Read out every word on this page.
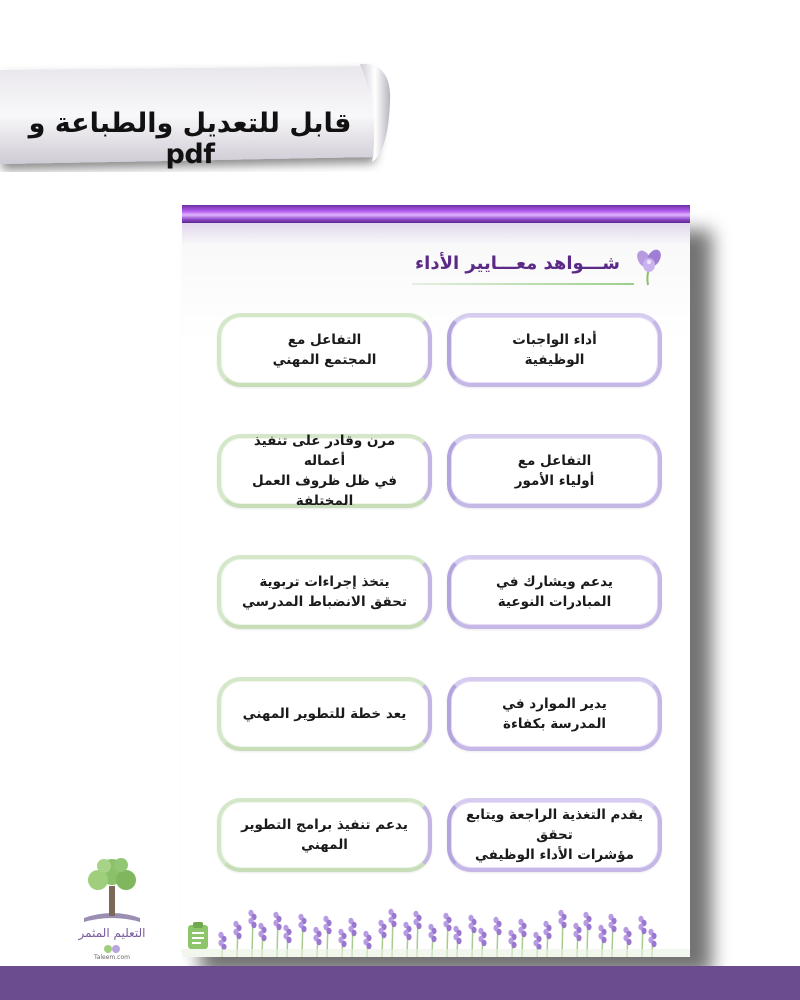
قابل للتعديل والطباعة و pdf
شـــواهد معـــايير الأداء
أداء الواجبات
الوظيفية
التفاعل مع
أولياء الأمور
يدعم ويشارك في
المبادرات النوعية
يدير الموارد في
المدرسة بكفاءة
يقدم التغذية الراجعة ويتابع تحقق
مؤشرات الأداء الوظيفي
التفاعل مع
المجتمع المهني
مرن وقادر على تنفيذ أعماله
في ظل ظروف العمل المختلفة
يتخذ إجراءات تربوية
تحقق الانضباط المدرسي
يعد خطة للتطوير المهني
يدعم تنفيذ برامج التطوير المهني
التعليم المثمر
Taleem.com
